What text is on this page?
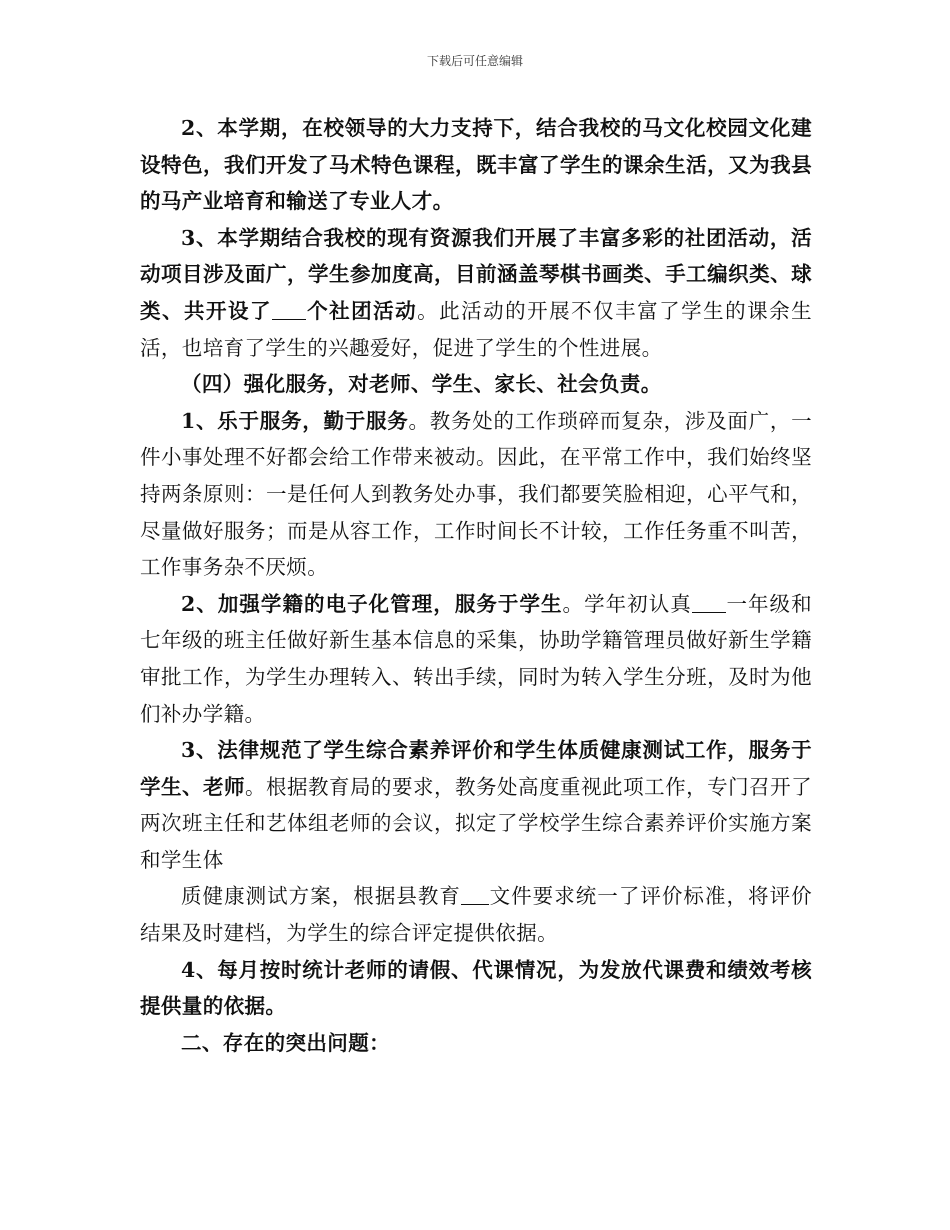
下载后可任意编辑

2、本学期，在校领导的大力支持下，结合我校的马文化校园文化建设特色，我们开发了马术特色课程，既丰富了学生的课余生活，又为我县的马产业培育和输送了专业人才。

3、本学期结合我校的现有资源我们开展了丰富多彩的社团活动，活动项目涉及面广，学生参加度高，目前涵盖琴棋书画类、手工编织类、球类、共开设了 个社团活动。此活动的开展不仅丰富了学生的课余生活，也培育了学生的兴趣爱好，促进了学生的个性进展。

（四）强化服务，对老师、学生、家长、社会负责。

1、乐于服务，勤于服务。教务处的工作琐碎而复杂，涉及面广，一件小事处理不好都会给工作带来被动。因此，在平常工作中，我们始终坚持两条原则：一是任何人到教务处办事，我们都要笑脸相迎，心平气和，尽量做好服务；而是从容工作，工作时间长不计较，工作任务重不叫苦，工作事务杂不厌烦。

2、加强学籍的电子化管理，服务于学生。学年初认真 一年级和七年级的班主任做好新生基本信息的采集，协助学籍管理员做好新生学籍审批工作，为学生办理转入、转出手续，同时为转入学生分班，及时为他们补办学籍。

3、法律规范了学生综合素养评价和学生体质健康测试工作，服务于学生、老师。根据教育局的要求，教务处高度重视此项工作，专门召开了两次班主任和艺体组老师的会议，拟定了学校学生综合素养评价实施方案和学生体

质健康测试方案，根据县教育 文件要求统一了评价标准，将评价结果及时建档，为学生的综合评定提供依据。

4、每月按时统计老师的请假、代课情况，为发放代课费和绩效考核提供量的依据。

二、存在的突出问题：
